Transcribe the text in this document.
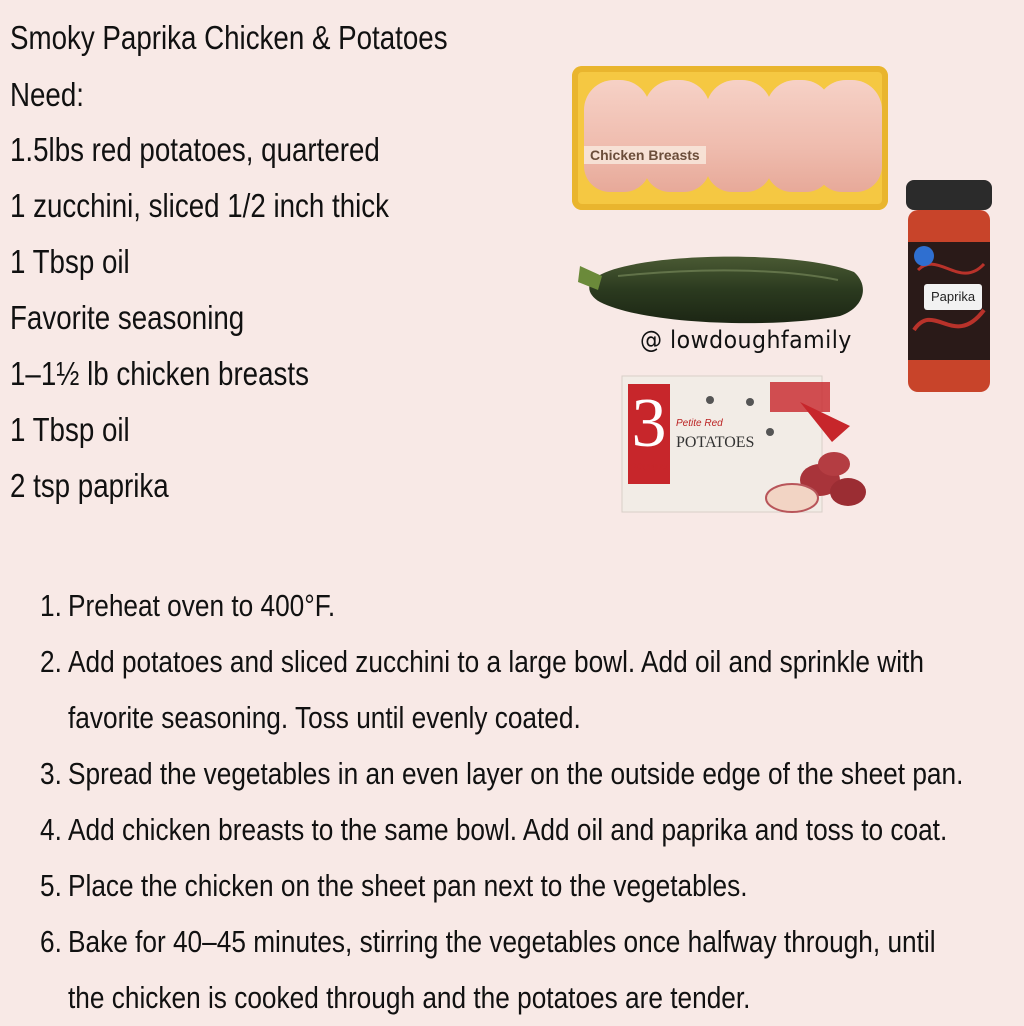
Smoky Paprika Chicken & Potatoes
Need:
1.5lbs red potatoes, quartered
1 zucchini, sliced 1/2 inch thick
1 Tbsp oil
Favorite seasoning
1–1½ lb chicken breasts
1 Tbsp oil
2 tsp paprika
Chicken Breasts
Paprika
3
POUNDS
Petite Red
POTATOES
@ lowdoughfamily
1. Preheat oven to 400°F.
2. Add potatoes and sliced zucchini to a large bowl. Add oil and sprinkle with
favorite seasoning. Toss until evenly coated.
3. Spread the vegetables in an even layer on the outside edge of the sheet pan.
4. Add chicken breasts to the same bowl. Add oil and paprika and toss to coat.
5. Place the chicken on the sheet pan next to the vegetables.
6. Bake for 40–45 minutes, stirring the vegetables once halfway through, until
the chicken is cooked through and the potatoes are tender.
